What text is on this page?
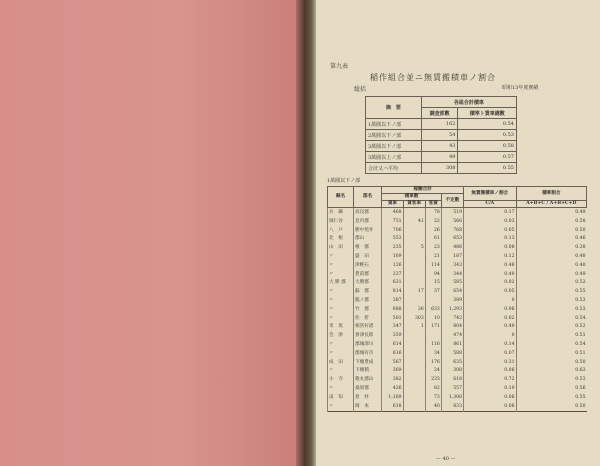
第九表
稲作組合並ニ無賃搬積車ノ割合
総括	昭和13年度實績
摘　要	各組合計積車	
	調査部數	積率ト賃車總數
1萬圓以下ノ部	162	0.54
2萬圓以下ノ部	54	0.53
3萬圓以下ノ部	43	0.58
3萬圓以上ノ部	49	0.57
合計又ハ平均	308	0.55
1萬圓以下ノ部
縣名	郡名	稼働合計				無賃搬積車ノ割合	積率割合
		積車數			不定數		
		貨車	貨客車	客貨		C/A	A+B+C / A+B+C+D
兵　縣	高良郡	468		78	519	0.17	0.49
岡仁谷	見内郡	751	41	22	566	0.03	0.58
八　戸	勝中苑井	706		26	768	0.05	0.50
北　根	郡山	553		61	653	0.13	0.46
山　田	根　郡	235	5	23	486	0.08	0.38
〃	盛　田	169		21	187	0.12	0.48
〃	津輕石	126		114	343	0.48	0.40
〃	豊前郡	237		94	344	0.40	0.49
大 勝 郡	大勝郡	631		15	585	0.02	0.52
〃	蘇　郡	814	17	37	654	0.05	0.55
〃	臨ノ郡	387			389	0	0.53
〃	竹　郡	688	36	633	1,293	0.96	0.53
〃	佐　折	501	303	10	742	0.02	0.54
米　坂	相宮好渚	347	1	171	804	0.49	0.52
会　津	會津長郎	359			474	0	0.51
〃	郡城澤川	614		116	861	0.14	0.54
〃	郡城有市	616		34	588	0.07	0.51
成　田	下總豊成	567		176	635	0.31	0.50
〃	下總積	369		24	308	0.06	0.62
小　寺	歌丸郡山	382		233	618	0.72	0.53
〃	桑原郡	426		82	557	0.19	0.56
南　知	倉　村	1,169		73	1,308	0.06	0.55
〃	岡　本	618		40	833	0.06	0.50
— 40 —
